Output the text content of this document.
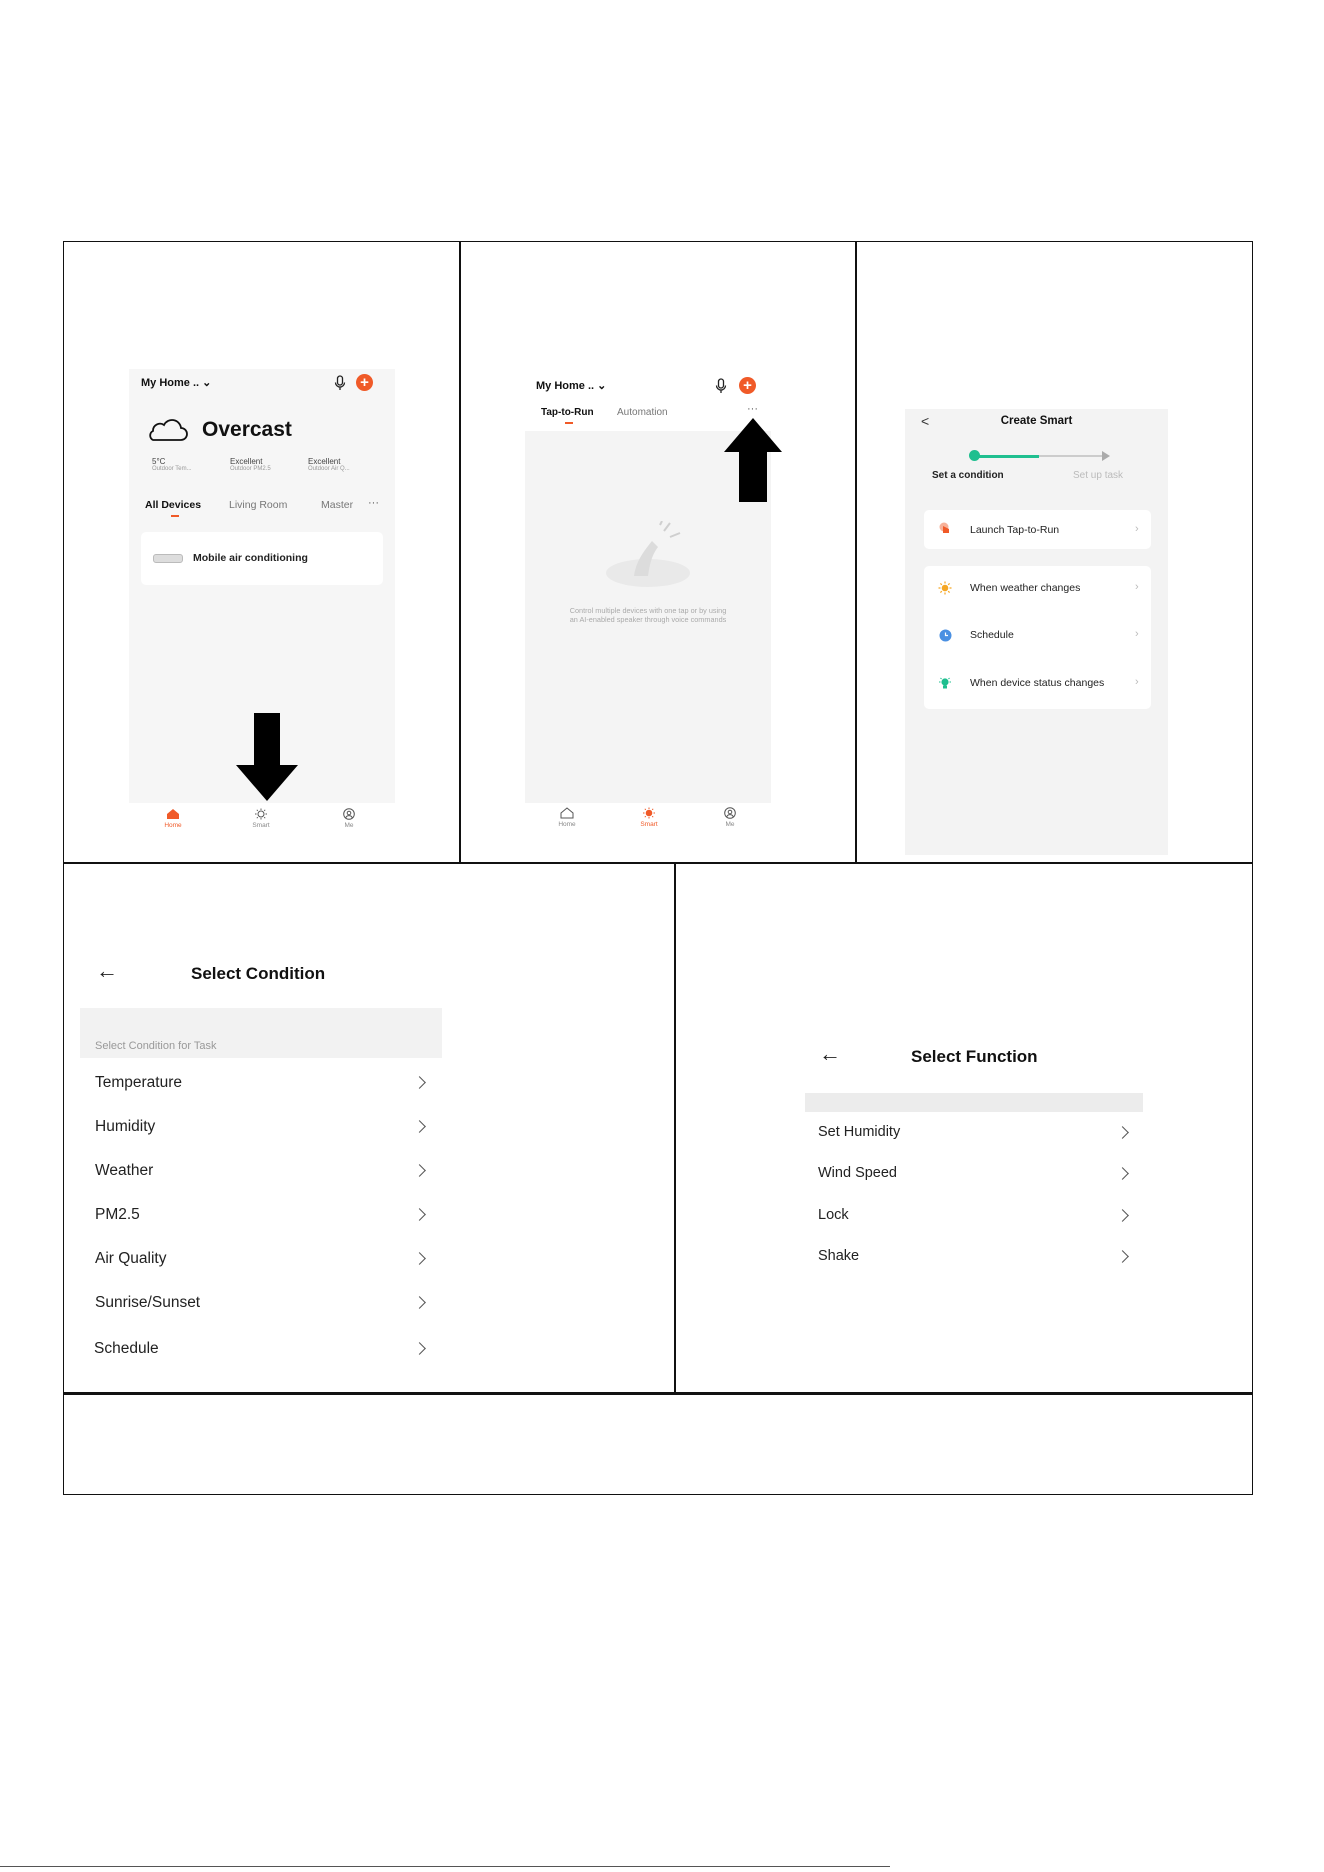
My Home .. ⌄	+
Overcast
5°C
Outdoor Tem...
Excellent
Outdoor PM2.5
Excellent
Outdoor Air Q...
All Devices	Living Room	Master ···
Mobile air conditioning
Home	Smart	Me
My Home .. ⌄	+
Tap-to-Run Automation	···
Control multiple devices with one tap or by using
an AI-enabled speaker through voice commands
Home	Smart	Me
<	Create Smart
Set a condition	Set up task
Launch Tap-to-Run	›
When weather changes	›
Schedule	›
When device status changes	›
←	Select Condition
Select Condition for Task
Temperature
Humidity
Weather
PM2.5
Air Quality
Sunrise/Sunset
Schedule
←	Select Function
Set Humidity
Wind Speed
Lock
Shake
